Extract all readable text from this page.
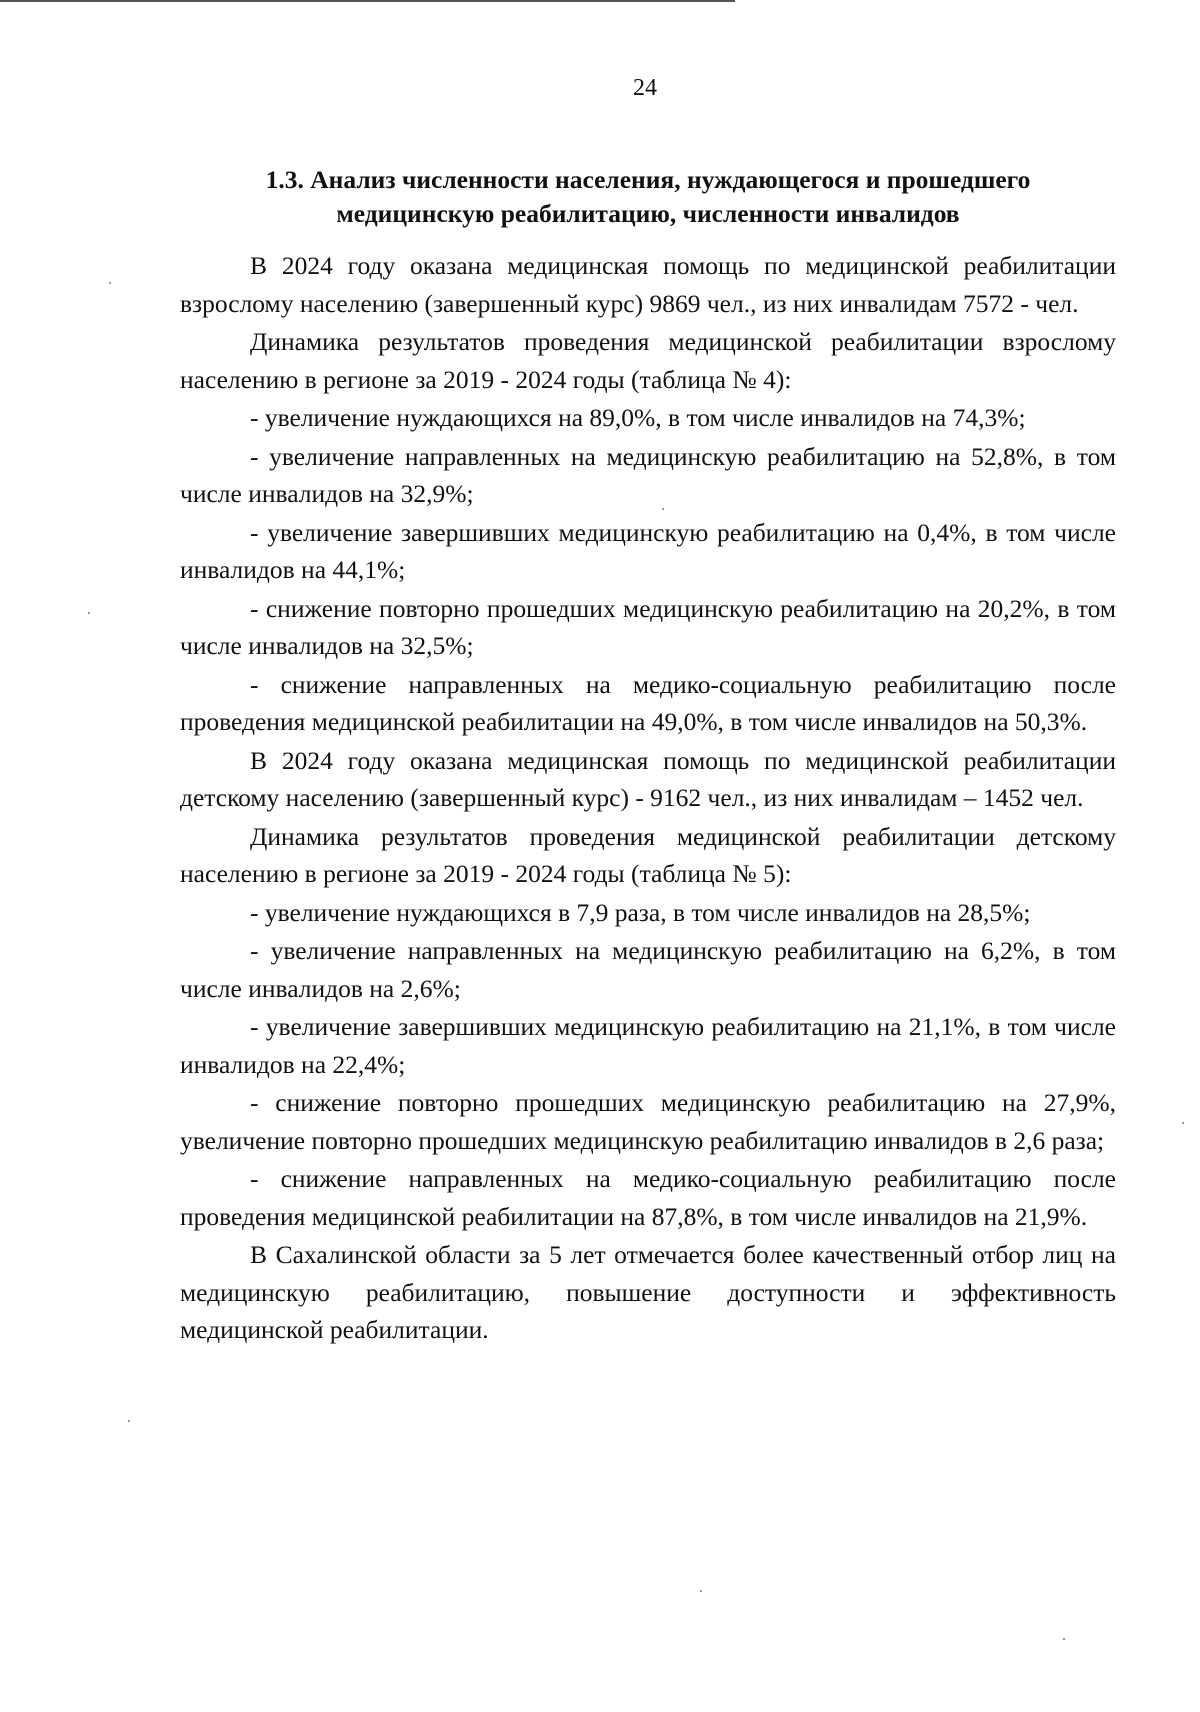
24
1.3. Анализ численности населения, нуждающегося и прошедшего
медицинскую реабилитацию, численности инвалидов

В 2024 году оказана медицинская помощь по медицинской реабилитации взрослому населению (завершенный курс) 9869 чел., из них инвалидам 7572 - чел.

Динамика результатов проведения медицинской реабилитации взрослому населению в регионе за 2019 - 2024 годы (таблица № 4):

- увеличение нуждающихся на 89,0%, в том числе инвалидов на 74,3%;

- увеличение направленных на медицинскую реабилитацию на 52,8%, в том числе инвалидов на 32,9%;

- увеличение завершивших медицинскую реабилитацию на 0,4%, в том числе инвалидов на 44,1%;

- снижение повторно прошедших медицинскую реабилитацию на 20,2%, в том числе инвалидов на 32,5%;

- снижение направленных на медико-социальную реабилитацию после проведения медицинской реабилитации на 49,0%, в том числе инвалидов на 50,3%.

В 2024 году оказана медицинская помощь по медицинской реабилитации детскому населению (завершенный курс) - 9162 чел., из них инвалидам – 1452 чел.

Динамика результатов проведения медицинской реабилитации детскому населению в регионе за 2019 - 2024 годы (таблица № 5):

- увеличение нуждающихся в 7,9 раза, в том числе инвалидов на 28,5%;

- увеличение направленных на медицинскую реабилитацию на 6,2%, в том числе инвалидов на 2,6%;

- увеличение завершивших медицинскую реабилитацию на 21,1%, в том числе инвалидов на 22,4%;

- снижение повторно прошедших медицинскую реабилитацию на 27,9%, увеличение повторно прошедших медицинскую реабилитацию инвалидов в 2,6 раза;

- снижение направленных на медико-социальную реабилитацию после проведения медицинской реабилитации на 87,8%, в том числе инвалидов на 21,9%.

В Сахалинской области за 5 лет отмечается более качественный отбор лиц на медицинскую реабилитацию, повышение доступности и эффективность медицинской реабилитации.
